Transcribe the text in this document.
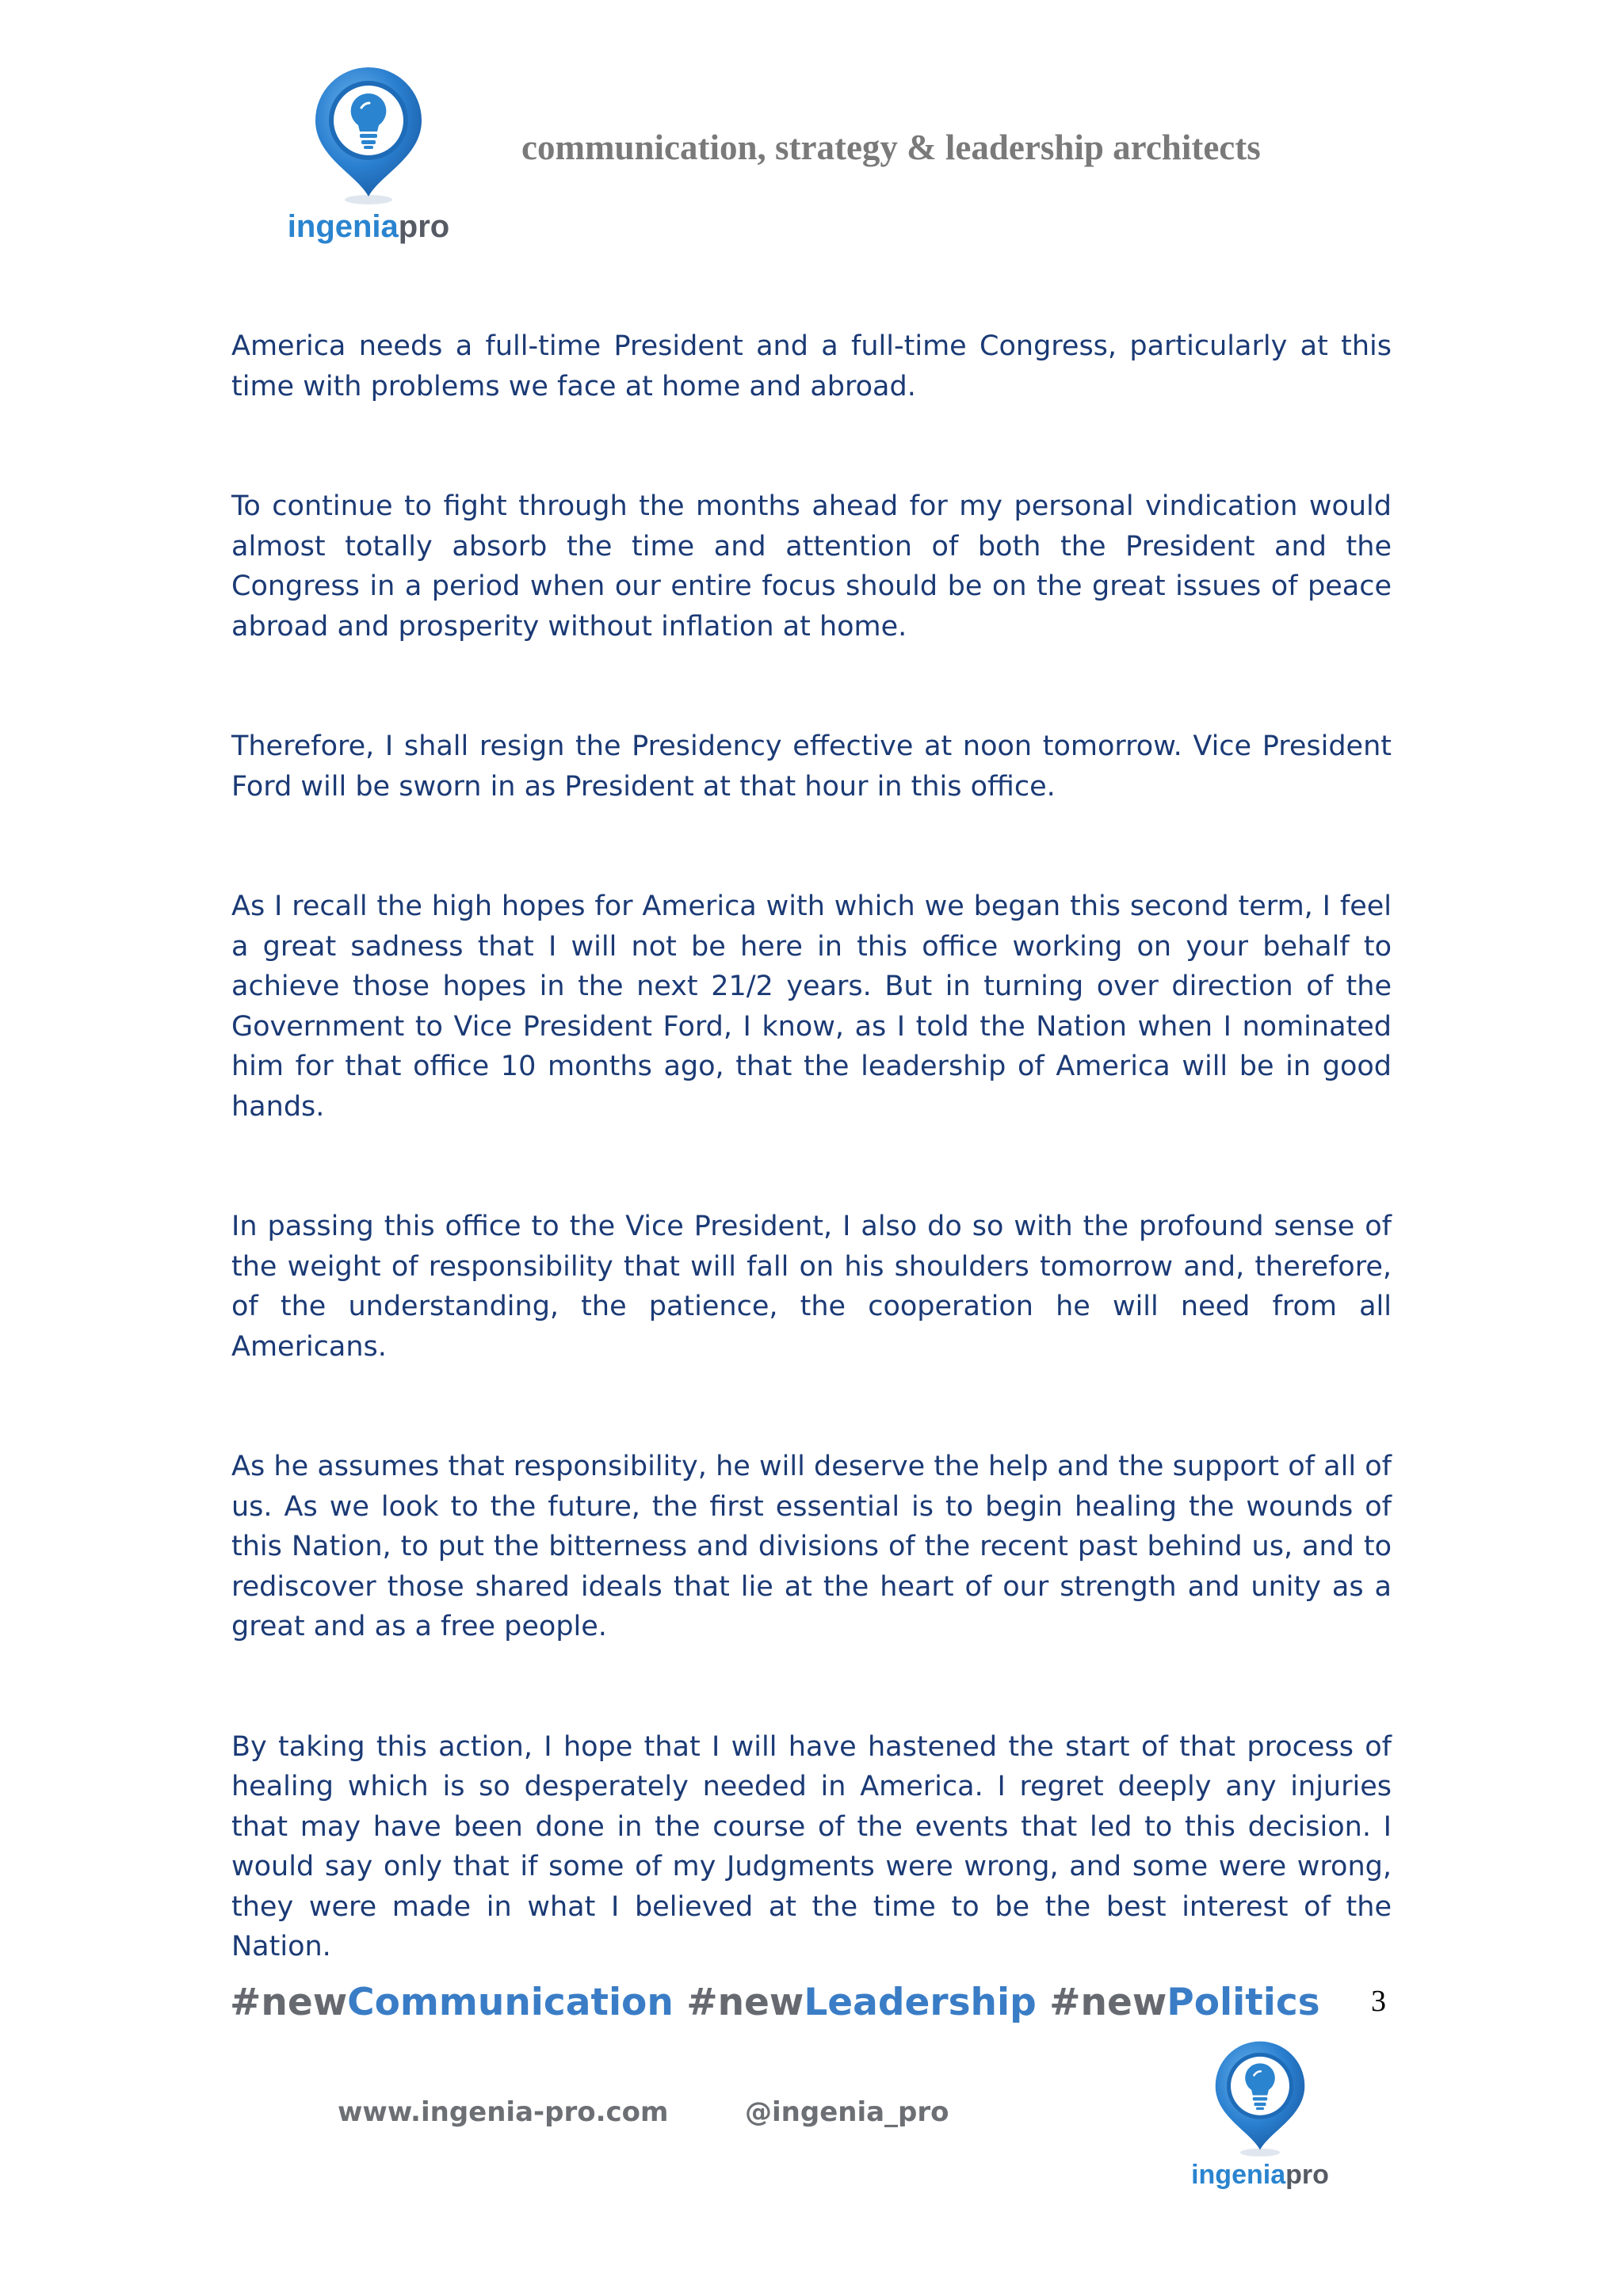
ingeniapro
communication, strategy & leadership architects

America needs a full-time President and a full-time Congress, particularly at this time with problems we face at home and abroad.

To continue to fight through the months ahead for my personal vindication would almost totally absorb the time and attention of both the President and the Congress in a period when our entire focus should be on the great issues of peace abroad and prosperity without inflation at home.

Therefore, I shall resign the Presidency effective at noon tomorrow. Vice President Ford will be sworn in as President at that hour in this office.

As I recall the high hopes for America with which we began this second term, I feel a great sadness that I will not be here in this office working on your behalf to achieve those hopes in the next 21/2 years. But in turning over direction of the Government to Vice President Ford, I know, as I told the Nation when I nominated him for that office 10 months ago, that the leadership of America will be in good hands.

In passing this office to the Vice President, I also do so with the profound sense of the weight of responsibility that will fall on his shoulders tomorrow and, therefore, of the understanding, the patience, the cooperation he will need from all Americans.

As he assumes that responsibility, he will deserve the help and the support of all of us. As we look to the future, the first essential is to begin healing the wounds of this Nation, to put the bitterness and divisions of the recent past behind us, and to rediscover those shared ideals that lie at the heart of our strength and unity as a great and as a free people.

By taking this action, I hope that I will have hastened the start of that process of healing which is so desperately needed in America. I regret deeply any injuries that may have been done in the course of the events that led to this decision. I would say only that if some of my Judgments were wrong, and some were wrong, they were made in what I believed at the time to be the best interest of the Nation.

#newCommunication #newLeadership #newPolitics 3
www.ingenia-pro.com	@ingenia_pro
ingeniapro
